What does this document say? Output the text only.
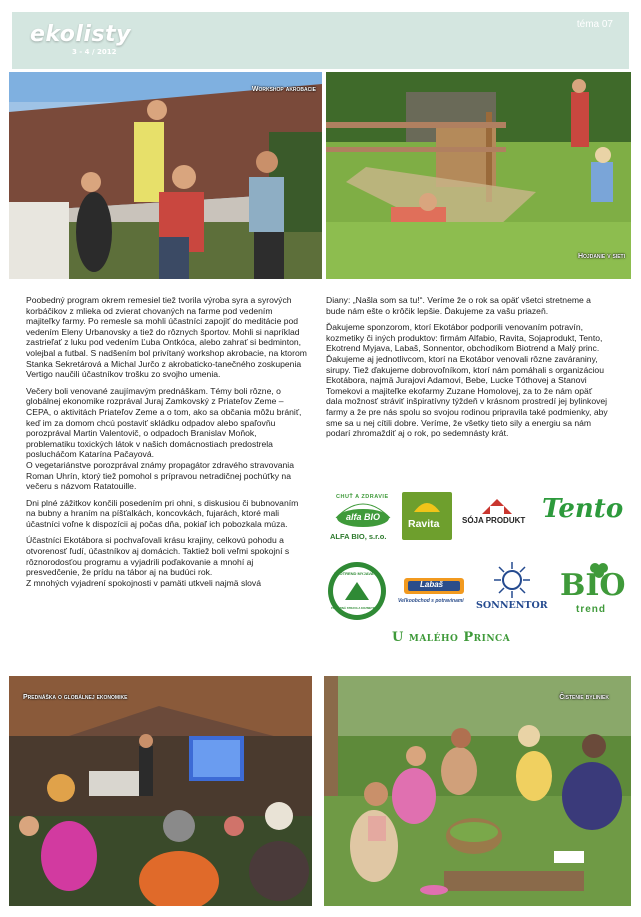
ekolisty
3 - 4 / 2012
téma 07
Workshop akrobacie
Hojdanie v sieti

Poobedný program okrem remesiel tiež tvorila výroba syra a syrových korbáčikov z mlieka od zvierat chovaných na farme pod vedením majiteľky farmy. Po remesle sa mohli účastníci zapojiť do meditácie pod vedením Eleny Urbanovsky a tiež do rôznych športov. Mohli si napríklad zastrieľať z luku pod vedením Ľuba Ontkóca, alebo zahrať si bedminton, volejbal a futbal. S nadšením bol privítaný workshop akrobacie, na ktorom Stanka Sekretárová a Michal Jurčo z akrobaticko-tanečného zoskupenia Vertigo naučili účastníkov trošku zo svojho umenia.

Večery boli venované zaujímavým prednáškam. Témy boli rôzne, o globálnej ekonomike rozprával Juraj Zamkovský z Priateľov Zeme – CEPA, o aktivitách Priateľov Zeme a o tom, ako sa občania môžu brániť, keď im za domom chcú postaviť skládku odpadov alebo spaľovňu porozprával Martin Valentovič, o odpadoch Branislav Moňok, problematiku toxických látok v našich domácnostiach predostrela poslucháčom Katarína Pačayová.

O vegetariánstve porozprával známy propagátor zdravého stravovania Roman Uhrín, ktorý tiež pomohol s prípravou netradičnej pochúťky na večeru s názvom Ratatouille.

Dni plné zážitkov končili posedením pri ohni, s diskusiou či bubnovaním na bubny a hraním na píšťalkách, koncovkách, fujarách, ktoré mali účastníci voľne k dispozícii aj počas dňa, pokiaľ ich pobozkala múza.

Účastníci Ekotábora si pochvaľovali krásu krajiny, celkovú pohodu a otvorenosť ľudí, účastníkov aj domácich. Taktiež boli veľmi spokojní s rôznorodosťou programu a vyjadrili poďakovanie a mnohí aj presvedčenie, že prídu na tábor aj na budúci rok.

Z mnohých vyjadrení spokojnosti v pamäti utkveli najmä slová

Diany: „Našla som sa tu!“. Veríme že o rok sa opäť všetci stretneme a bude nám ešte o krôčik lepšie. Ďakujeme za vašu priazeň.

Ďakujeme sponzorom, ktorí Ekotábor podporili venovaním potravín, kozmetiky či iných produktov: firmám Alfabio, Ravita, Sojaprodukt, Tento, Ekotrend Myjava, Labaš, Sonnentor, obchodíkom Biotrend a Malý princ. Ďakujeme aj jednotlivcom, ktorí na Ekotábor venovali rôzne zaváraniny, sirupy. Tiež ďakujeme dobrovoľníkom, ktorí nám pomáhali s organizáciou Ekotábora, najmä Jurajovi Adamovi, Bebe, Lucke Tóthovej a Stanovi Tomekovi a majiteľke ekofarmy Zuzane Homolovej, za to že nám opäť dala možnosť stráviť inšpiratívny týždeň v krásnom prostredí jej bylinkovej farmy a že pre nás spolu so svojou rodinou pripravila také podmienky, aby sme sa u nej cítili dobre. Veríme, že všetky tieto sily a energiu sa nám podarí zhromaždiť aj o rok, po sedemnásty krát.

CHUŤ A ZDRAVIE
alfa BIO
ALFA BIO, s.r.o.
Ravita	SÓJA PRODUKT Tento
EKOTREND MYJAVA
PRÍRODNÁ STRAVA A KOZMETIKA
Labaš
Veľkoobchod s potravinami SONNENTOR
BIO
trend
U malého Princa
Prednáška o globálnej ekonomike	Čistenie byliniek
